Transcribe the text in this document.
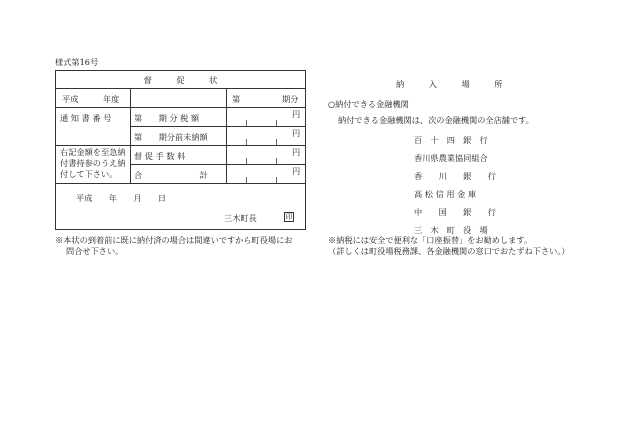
様式第16号
督　　　促　　　状
平成　　　年度	第	期分
通 知 書 番 号	第　　期 分 税 額	円
第　　期分前未納額	円
右記金額を至急納
付書持参のうえ納
付して下さい。
督 促 手 数 料	円
合　　　　　　　計	円
平成　　年　　月　　日
三木町長	印
※本状の到着前に既に納付済の場合は間違いですから町役場にお
問合せ下さい。
納　　　入　　　場　　　所
○納付できる金融機関
納付できる金融機関は、次の金融機関の全店舗です。
百　十　四　銀　行
香川県農業協同組合
香　　川　　銀　　行
高 松 信 用 金 庫
中　　国　　銀　　行
三　木　町　役　場
※納税には安全で便利な「口座振替」をお勧めします。
（詳しくは町役場税務課、各金融機関の窓口でおたずね下さい。）
